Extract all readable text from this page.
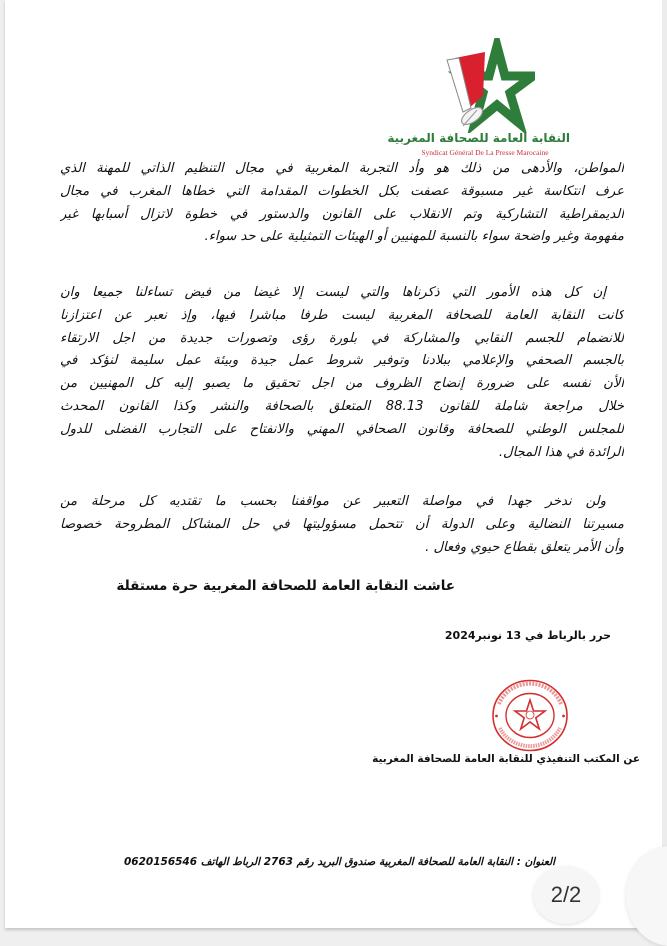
النقابة العامة للصحافة المغربية
Syndicat Général De La Presse Marocaine
المواطن، والأدهى من ذلك هو وأد التجربة المغربية في مجال التنظيم الذاتي للمهنة الذي
عرف انتكاسة غير مسبوقة عصفت بكل الخطوات المقدامة التي خطاها المغرب في مجال
الديمقراطية التشاركية وتم الانقلاب على القانون والدستور في خطوة لاتزال أسبابها غير
مفهومة وغير واضحة سواء بالنسبة للمهنيين أو الهيئات التمثيلية على حد سواء.
إن كل هذه الأمور التي ذكرناها والتي ليست إلا غيضا من فيض تساءلنا جميعا وان
كانت النقابة العامة للصحافة المغربية ليست طرفا مباشرا فيها، وإذ نعبر عن اعتزازنا
للانضمام للجسم النقابي والمشاركة في بلورة رؤى وتصورات جديدة من اجل الارتقاء
بالجسم الصحفي والإعلامي ببلادنا وتوفير شروط عمل جيدة وبيئة عمل سليمة لنؤكد في
الأن نفسه على ضرورة إنضاج الظروف من اجل تحقيق ما يصبو إليه كل المهنيين من
خلال مراجعة شاملة للقانون 88.13 المتعلق بالصحافة والنشر وكذا القانون المحدث
للمجلس الوطني للصحافة وقانون الصحافي المهني والانفتاح على التجارب الفضلى للدول
الرائدة في هذا المجال.
ولن ندخر جهدا في مواصلة التعبير عن مواقفنا بحسب ما تقتديه كل مرحلة من
مسيرتنا النضالية وعلى الدولة أن تتحمل مسؤوليتها في حل المشاكل المطروحة خصوصا
وأن الأمر يتعلق بقطاع حيوي وفعال .
عاشت النقابة العامة للصحافة المغربية حرة مستقلة
حرر بالرباط في 13 نونبر2024
عن المكتب التنفيذي للنقابة العامة للصحافة المغربية
العنوان : النقابة العامة للصحافة المغربية صندوق البريد رقم 2763 الرباط الهاتف 0620156546
2/2
